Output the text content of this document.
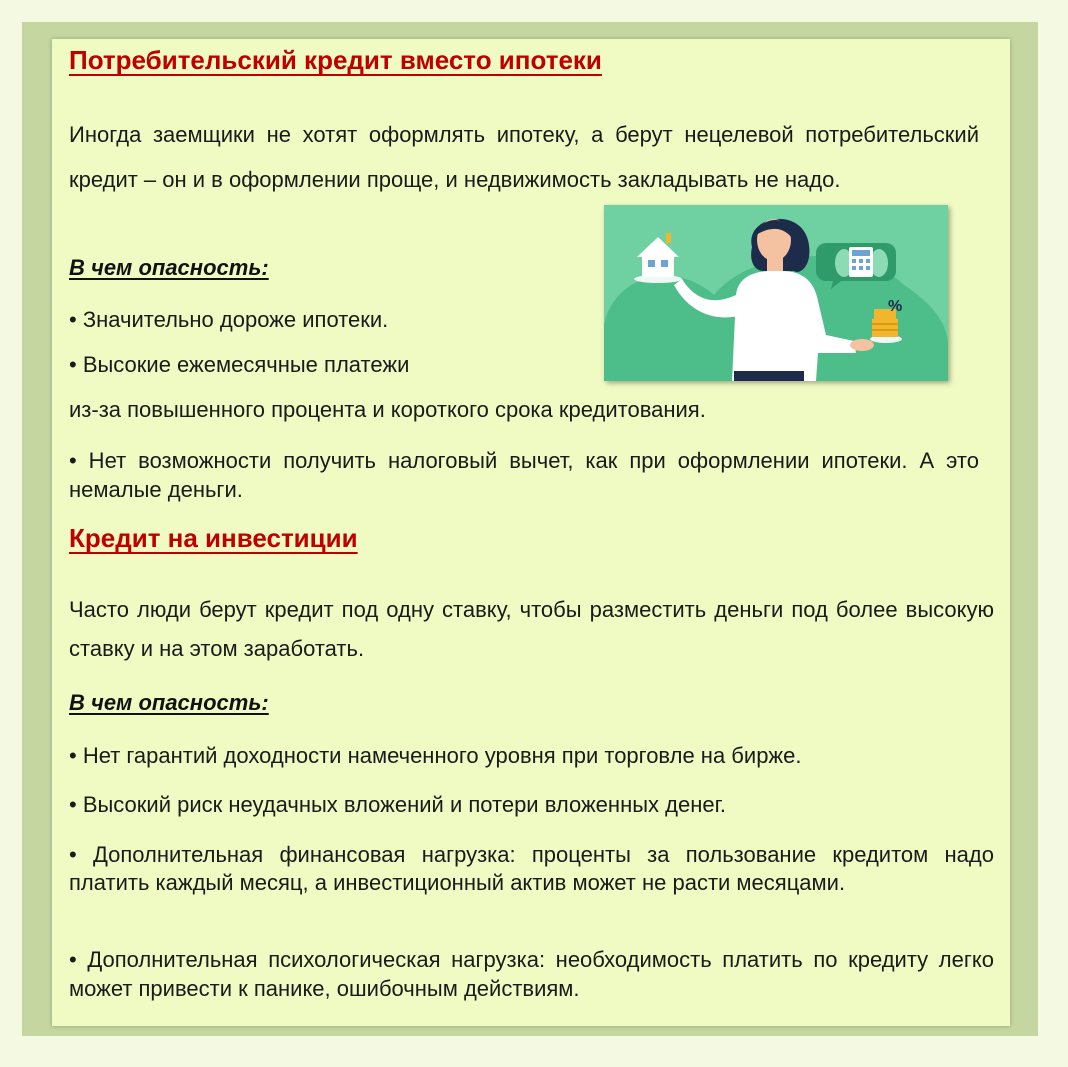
Потребительский кредит вместо ипотеки

Иногда заемщики не хотят оформлять ипотеку, а берут нецелевой потребительский кредит – он и в оформлении проще, и недвижимость закладывать не надо.

В чем опасность:

• Значительно дороже ипотеки.

• Высокие ежемесячные платежи

из-за повышенного процента и короткого срока кредитования.

• Нет возможности получить налоговый вычет, как при оформлении ипотеки. А это немалые деньги.

%
Кредит на инвестиции

Часто люди берут кредит под одну ставку, чтобы разместить деньги под более высокую ставку и на этом заработать.

В чем опасность:

• Нет гарантий доходности намеченного уровня при торговле на бирже.

• Высокий риск неудачных вложений и потери вложенных денег.

• Дополнительная финансовая нагрузка: проценты за пользование кредитом надо платить каждый месяц, а инвестиционный актив может не расти месяцами.

• Дополнительная психологическая нагрузка: необходимость платить по кредиту легко может привести к панике, ошибочным действиям.
